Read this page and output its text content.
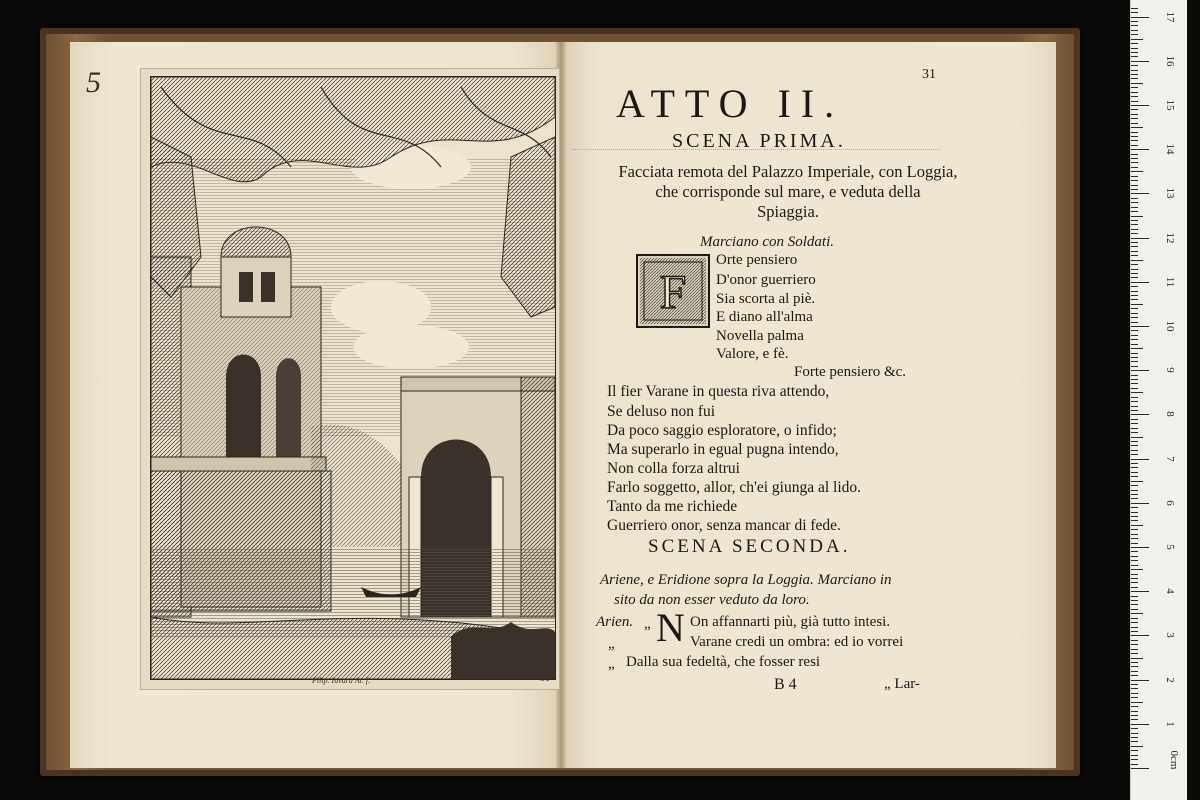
5
Filip. Iuvara Ar. f.	31
31
ATTO II.
SCENA PRIMA.
Facciata remota del Palazzo Imperiale, con Loggia,
che corrisponde sul mare, e veduta della
Spiaggia.
Marciano con Soldati.
F
Orte pensiero
D'onor guerriero
Sia scorta al piè.
E diano all'alma
Novella palma
Valore, e fè.
Forte pensiero &c.
Il fier Varane in questa riva attendo,
Se deluso non fui
Da poco saggio esploratore, o infido;
Ma superarlo in egual pugna intendo,
Non colla forza altrui
Farlo soggetto, allor, ch'ei giunga al lido.
Tanto da me richiede
Guerriero onor, senza mancar di fede.
SCENA SECONDA.
Ariene, e Eridione sopra la Loggia. Marciano in
sito da non esser veduto da loro.
Arien. „ N On affannarti più, già tutto intesi.
„	Varane credi un ombra: ed io vorrei
„ Dalla sua fedeltà, che fosser resi
B 4	„ Lar-
0cm
1
2
3
4
5
6
7
8
9
10
11
12
13
14
15
16
17
